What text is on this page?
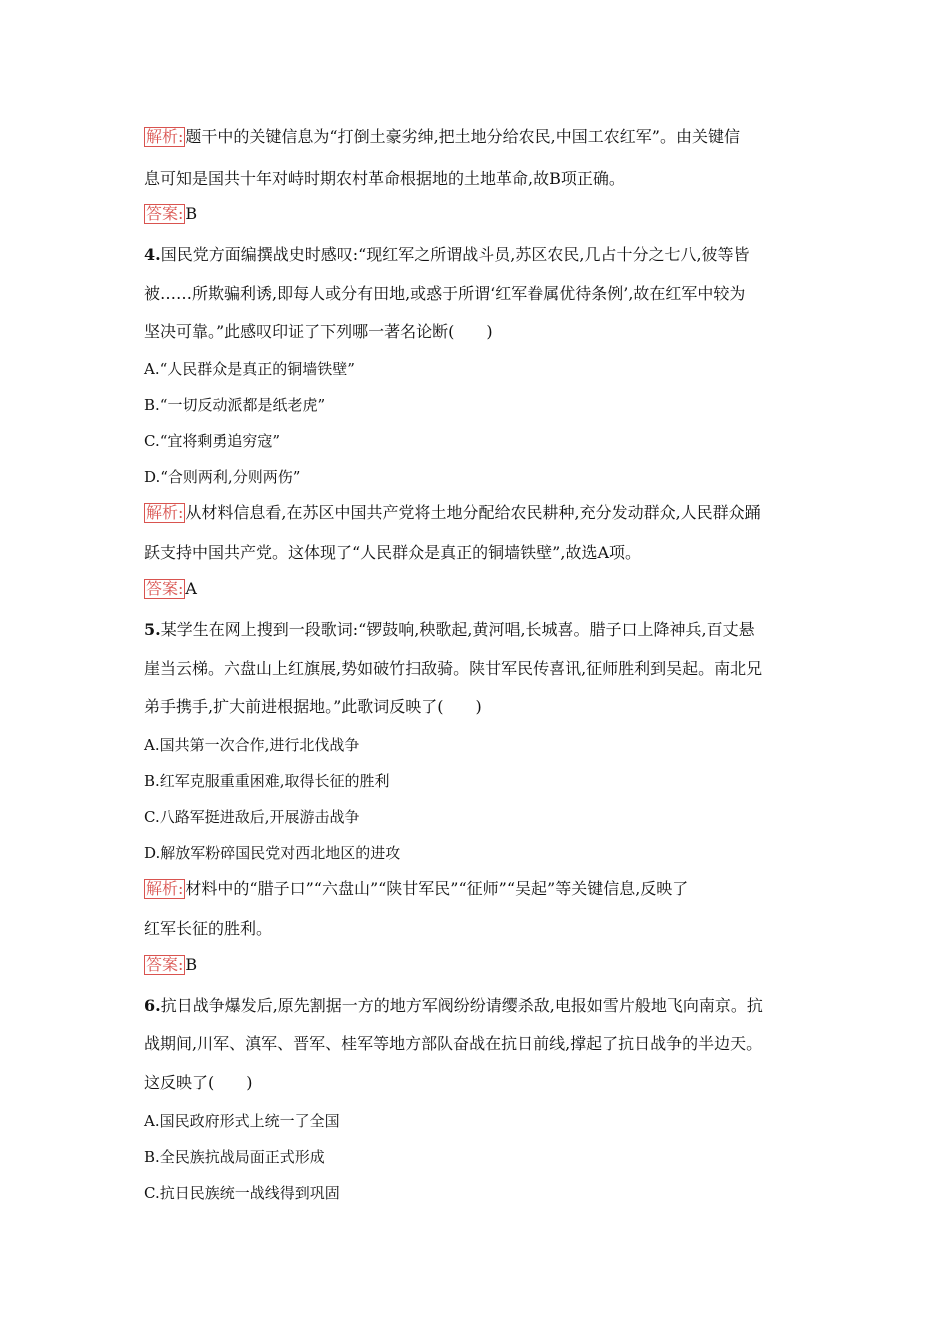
解析: 题干中的关键信息为“打倒土豪劣绅,把土地分给农民,中国工农红军”。由关键信
息可知是国共十年对峙时期农村革命根据地的土地革命,故B项正确。
答案: B
4.国民党方面编撰战史时感叹:“现红军之所谓战斗员,苏区农民,几占十分之七八,彼等皆
被……所欺骗利诱,即每人或分有田地,或惑于所谓‘红军眷属优待条例’,故在红军中较为
坚决可靠。”此感叹印证了下列哪一著名论断(　　)
A.“人民群众是真正的铜墙铁壁”
B.“一切反动派都是纸老虎”
C.“宜将剩勇追穷寇”
D.“合则两利,分则两伤”
解析: 从材料信息看,在苏区中国共产党将土地分配给农民耕种,充分发动群众,人民群众踊
跃支持中国共产党。这体现了“人民群众是真正的铜墙铁壁”,故选A项。
答案: A
5.某学生在网上搜到一段歌词:“锣鼓响,秧歌起,黄河唱,长城喜。腊子口上降神兵,百丈悬
崖当云梯。六盘山上红旗展,势如破竹扫敌骑。陕甘军民传喜讯,征师胜利到吴起。南北兄
弟手携手,扩大前进根据地。”此歌词反映了(　　)
A.国共第一次合作,进行北伐战争
B.红军克服重重困难,取得长征的胜利
C.八路军挺进敌后,开展游击战争
D.解放军粉碎国民党对西北地区的进攻
解析: 材料中的“腊子口”“六盘山”“陕甘军民”“征师”“吴起”等关键信息,反映了
红军长征的胜利。
答案: B
6.抗日战争爆发后,原先割据一方的地方军阀纷纷请缨杀敌,电报如雪片般地飞向南京。抗
战期间,川军、滇军、晋军、桂军等地方部队奋战在抗日前线,撑起了抗日战争的半边天。
这反映了(　　)
A.国民政府形式上统一了全国
B.全民族抗战局面正式形成
C.抗日民族统一战线得到巩固
